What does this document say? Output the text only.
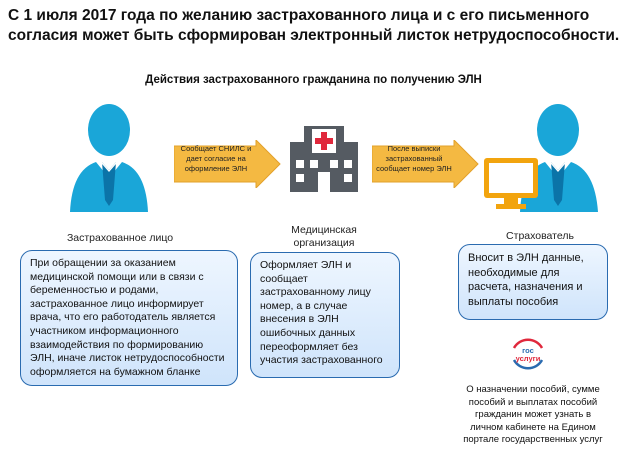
С 1 июля 2017 года по желанию застрахованного лица и с его письменного согласия может быть сформирован электронный листок нетрудоспособности.
Действия застрахованного гражданина по получению ЭЛН
Сообщает СНИЛС и дает согласие на оформление ЭЛН
После выписки застрахованный сообщает номер ЭЛН
Застрахованное лицо
Медицинская организация
Страхователь
При обращении за оказанием медицинской помощи или в связи с беременностью и родами, застрахованное лицо информирует врача, что его работодатель является участником информационного взаимодействия по формированию ЭЛН, иначе листок нетрудоспособности оформляется на бумажном бланке
Оформляет ЭЛН и сообщает застрахованному лицу номер, а в случае внесения в ЭЛН ошибочных данных переоформляет без участия застрахованного
Вносит в ЭЛН данные, необходимые для расчета, назначения и выплаты пособия
гос
услуги
О назначении пособий, сумме пособий и выплатах пособий гражданин может узнать в личном кабинете на Едином портале государственных услуг
